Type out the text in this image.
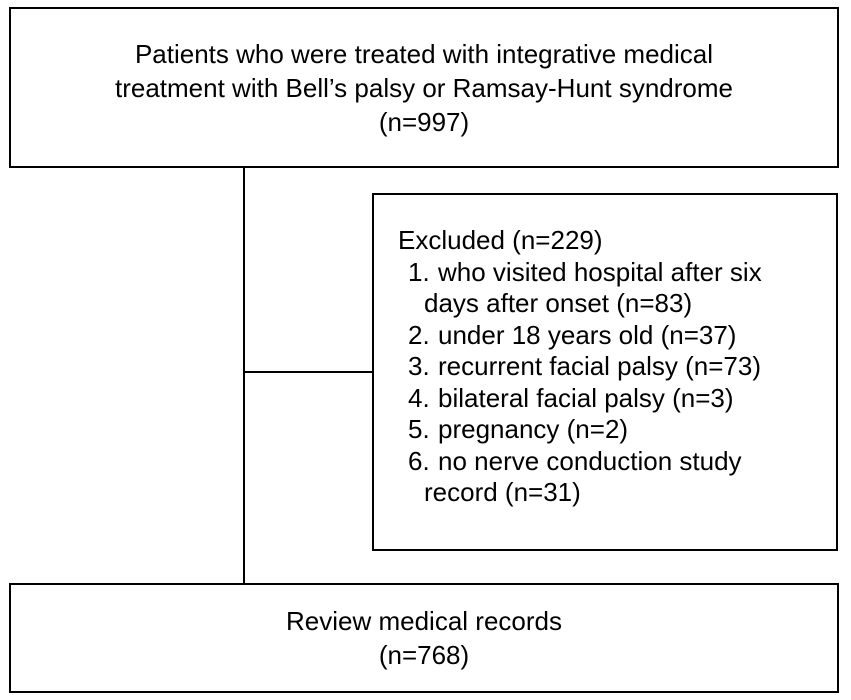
Patients who were treated with integrative medical
treatment with Bell’s palsy or Ramsay-Hunt syndrome
(n=997)
Excluded (n=229)
1. who visited hospital after six
days after onset (n=83)
2. under 18 years old (n=37)
3. recurrent facial palsy (n=73)
4. bilateral facial palsy (n=3)
5. pregnancy (n=2)
6. no nerve conduction study
record (n=31)
Review medical records
(n=768)
